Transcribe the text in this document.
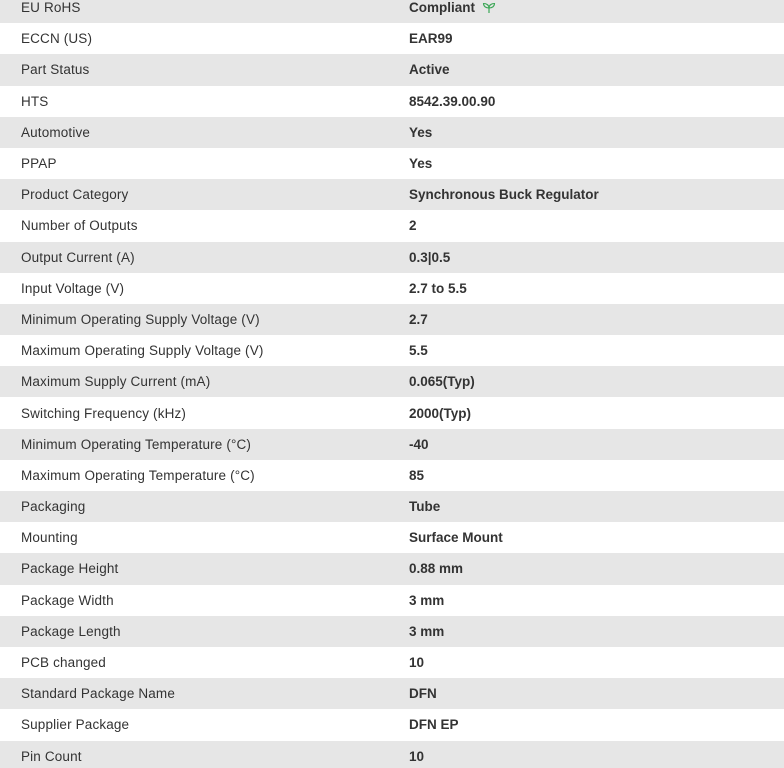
EU RoHS	Compliant
ECCN (US)	EAR99
Part Status	Active
HTS	8542.39.00.90
Automotive	Yes
PPAP	Yes
Product Category	Synchronous Buck Regulator
Number of Outputs	2
Output Current (A)	0.3|0.5
Input Voltage (V)	2.7 to 5.5
Minimum Operating Supply Voltage (V)	2.7
Maximum Operating Supply Voltage (V)	5.5
Maximum Supply Current (mA)	0.065(Typ)
Switching Frequency (kHz)	2000(Typ)
Minimum Operating Temperature (°C)	-40
Maximum Operating Temperature (°C)	85
Packaging	Tube
Mounting	Surface Mount
Package Height	0.88 mm
Package Width	3 mm
Package Length	3 mm
PCB changed	10
Standard Package Name	DFN
Supplier Package	DFN EP
Pin Count	10
